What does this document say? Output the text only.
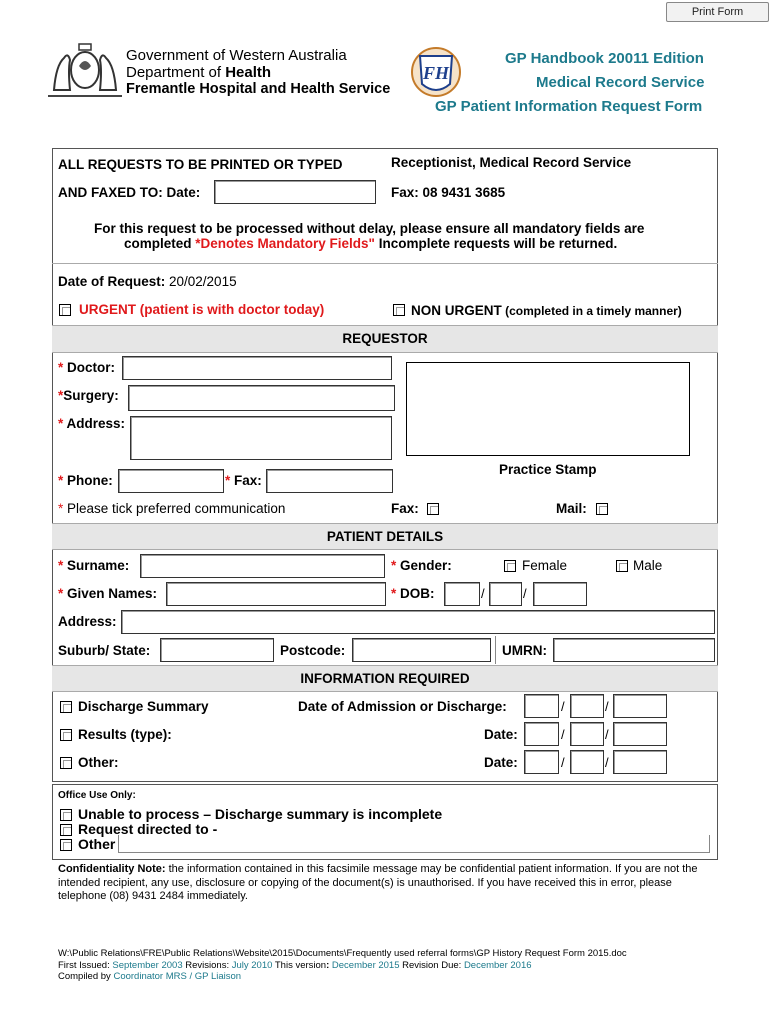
Print Form
Government of Western Australia
Department of Health
Fremantle Hospital and Health Service
FH
GP Handbook 20011 Edition
Medical Record Service
GP Patient Information Request Form
ALL REQUESTS TO BE PRINTED OR TYPED	Receptionist, Medical Record Service
AND FAXED TO: Date:	Fax: 08 9431 3685
For this request to be processed without delay, please ensure all mandatory fields are
completed *Denotes Mandatory Fields" Incomplete requests will be returned.
Date of Request: 20/02/2015
URGENT (patient is with doctor today)	NON URGENT (completed in a timely manner)
REQUESTOR
* Doctor:
*Surgery:
* Address:
Practice Stamp
* Phone:	* Fax:
* Please tick preferred communication	Fax:	Mail:
PATIENT DETAILS
* Surname:	* Gender:	Female	Male
* Given Names:	* DOB:	/	/
Address:
Suburb/ State:	Postcode:	UMRN:
INFORMATION REQUIRED
Discharge Summary	Date of Admission or Discharge:	/	/
Results (type):	Date:	/	/
Other:	Date:	/	/
Office Use Only:
Unable to process – Discharge summary is incomplete
Request directed to -
Other
Confidentiality Note: the information contained in this facsimile message may be confidential patient information. If you are not the intended recipient, any use, disclosure or copying of the document(s) is unauthorised. If you have received this in error, please telephone (08) 9431 2484 immediately.
W:\Public Relations\FRE\Public Relations\Website\2015\Documents\Frequently used referral forms\GP History Request Form 2015.doc
First Issued: September 2003 Revisions: July 2010 This version: December 2015 Revision Due: December 2016
Compiled by Coordinator MRS / GP Liaison
